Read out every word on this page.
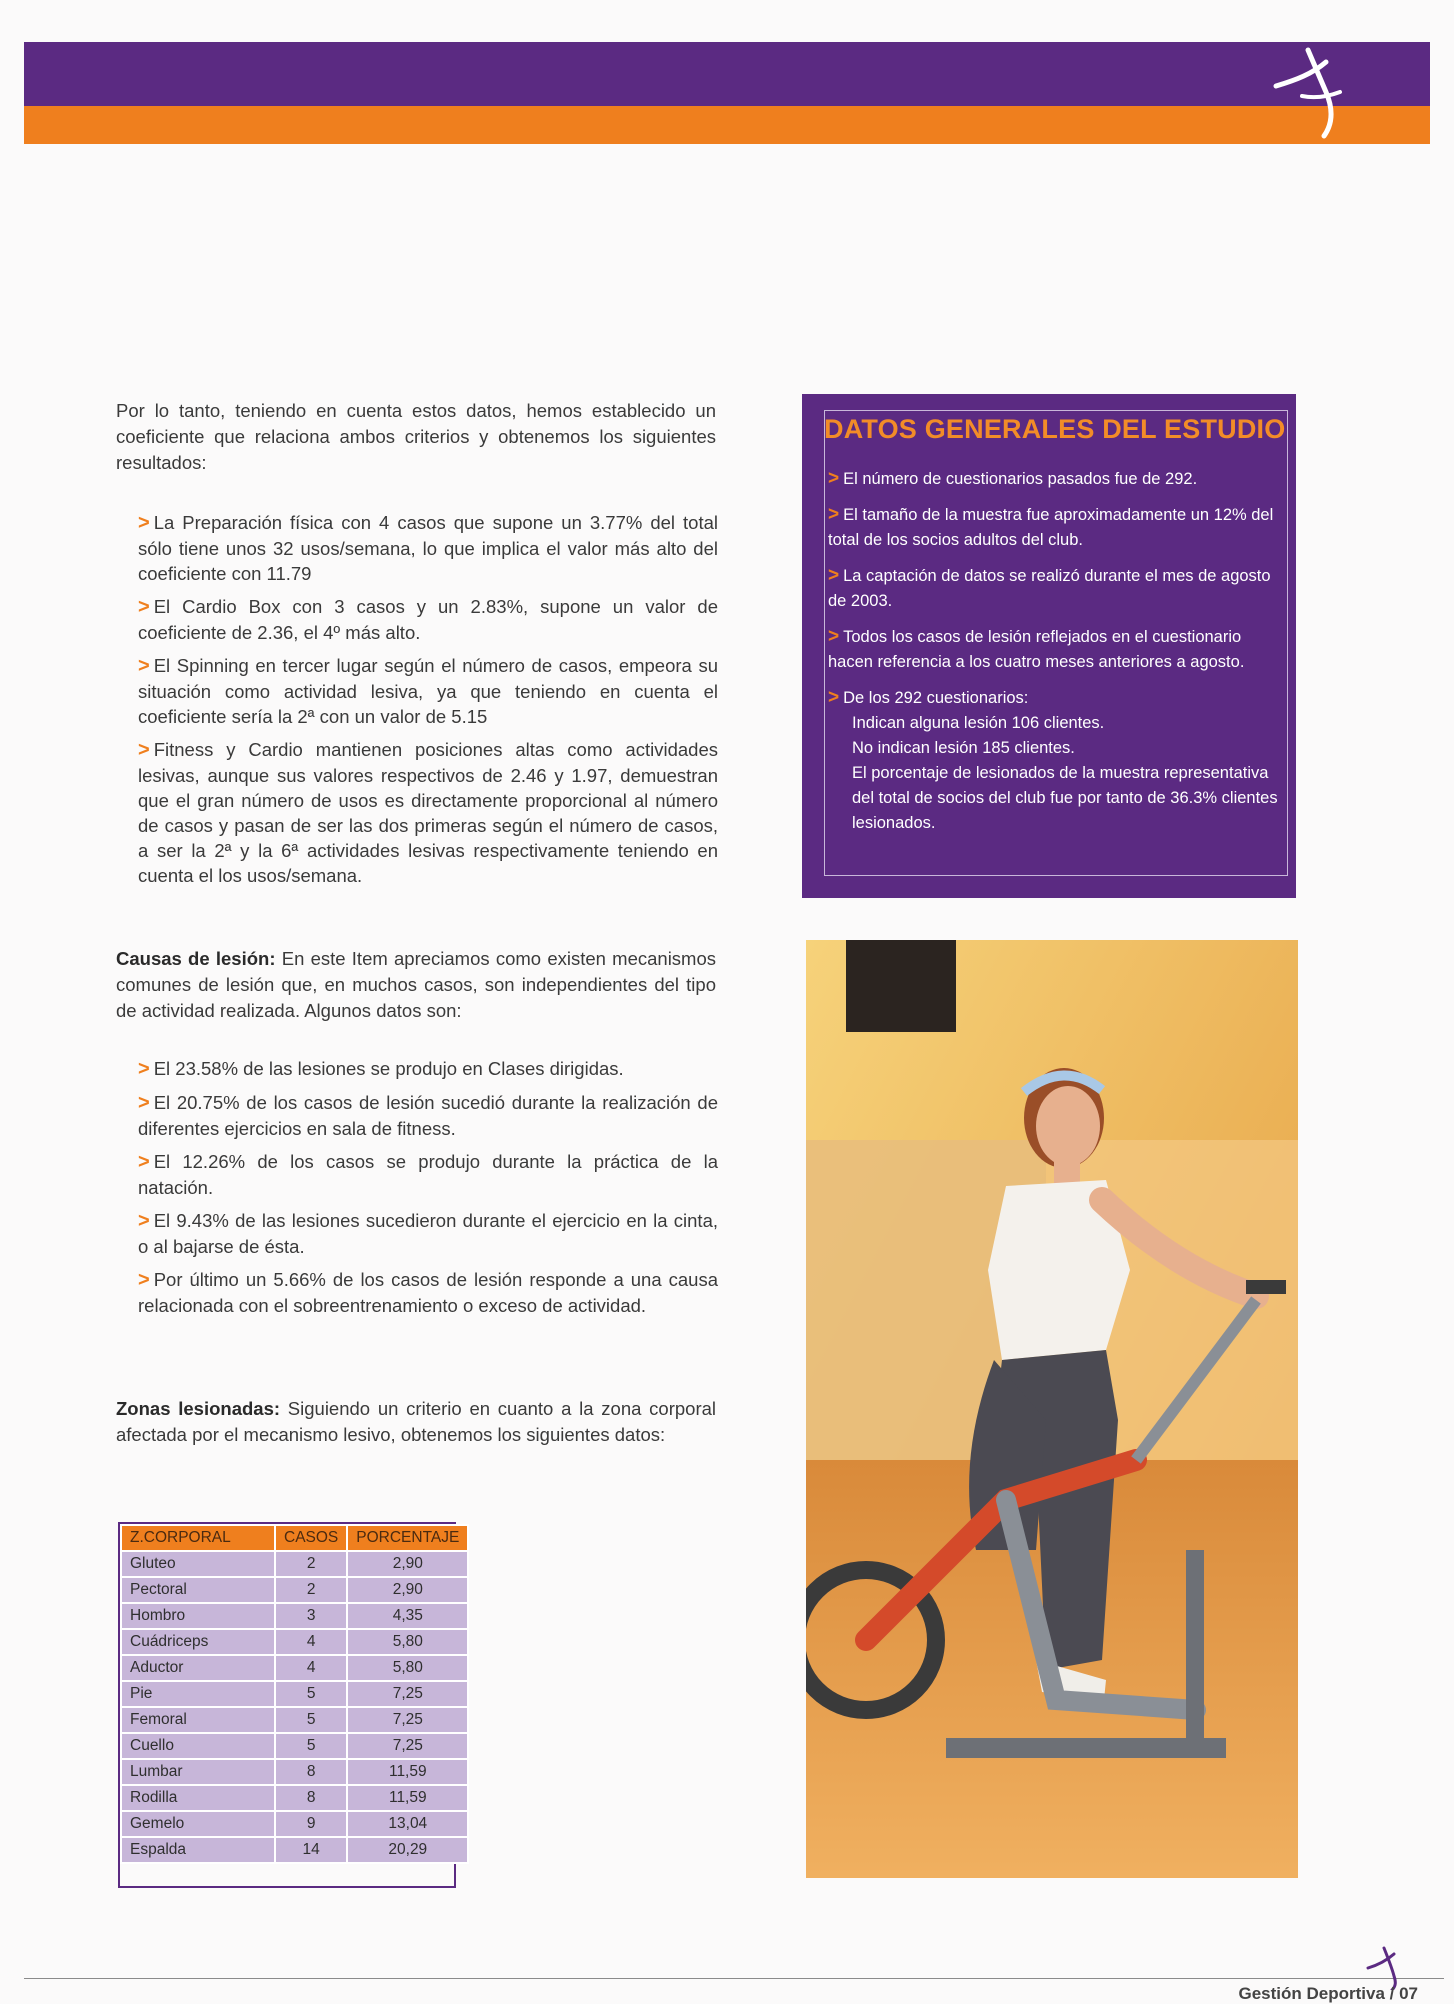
Por lo tanto, teniendo en cuenta estos datos, hemos establecido un coeficiente que relaciona ambos criterios y obtenemos los siguientes resultados:

> La Preparación física con 4 casos que supone un 3.77% del total sólo tiene unos 32 usos/semana, lo que implica el valor más alto del coeficiente con 11.79

> El Cardio Box con 3 casos y un 2.83%, supone un valor de coeficiente de 2.36, el 4º más alto.

> El Spinning en tercer lugar según el número de casos, empeora su situación como actividad lesiva, ya que teniendo en cuenta el coeficiente sería la 2ª con un valor de 5.15

> Fitness y Cardio mantienen posiciones altas como actividades lesivas, aunque sus valores respectivos de 2.46 y 1.97, demuestran que el gran número de usos es directamente proporcional al número de casos y pasan de ser las dos primeras según el número de casos, a ser la 2ª y la 6ª actividades lesivas respectivamente teniendo en cuenta el los usos/semana.

Causas de lesión: En este Item apreciamos como existen mecanismos comunes de lesión que, en muchos casos, son independientes del tipo de actividad realizada. Algunos datos son:

> El 23.58% de las lesiones se produjo en Clases dirigidas.

> El 20.75% de los casos de lesión sucedió durante la realización de diferentes ejercicios en sala de fitness.

> El 12.26% de los casos se produjo durante la práctica de la natación.

> El 9.43% de las lesiones sucedieron durante el ejercicio en la cinta, o al bajarse de ésta.

> Por último un 5.66% de los casos de lesión responde a una causa relacionada con el sobreentrenamiento o exceso de actividad.

Zonas lesionadas: Siguiendo un criterio en cuanto a la zona corporal afectada por el mecanismo lesivo, obtenemos los siguientes datos:

Z.CORPORAL	CASOS	PORCENTAJE
Gluteo	2	2,90
Pectoral	2	2,90
Hombro	3	4,35
Cuádriceps	4	5,80
Aductor	4	5,80
Pie	5	7,25
Femoral	5	7,25
Cuello	5	7,25
Lumbar	8	11,59
Rodilla	8	11,59
Gemelo	9	13,04
Espalda	14	20,29
DATOS GENERALES DEL ESTUDIO

> El número de cuestionarios pasados fue de 292.

> El tamaño de la muestra fue aproximadamente un 12% del total de los socios adultos del club.

> La captación de datos se realizó durante el mes de agosto de 2003.

> Todos los casos de lesión reflejados en el cuestionario hacen referencia a los cuatro meses anteriores a agosto.

> De los 292 cuestionarios:
Indican alguna lesión 106 clientes.
No indican lesión 185 clientes.
El porcentaje de lesionados de la muestra representativa del total de socios del club fue por tanto de 36.3% clientes lesionados.
Gestión Deportiva / 07
